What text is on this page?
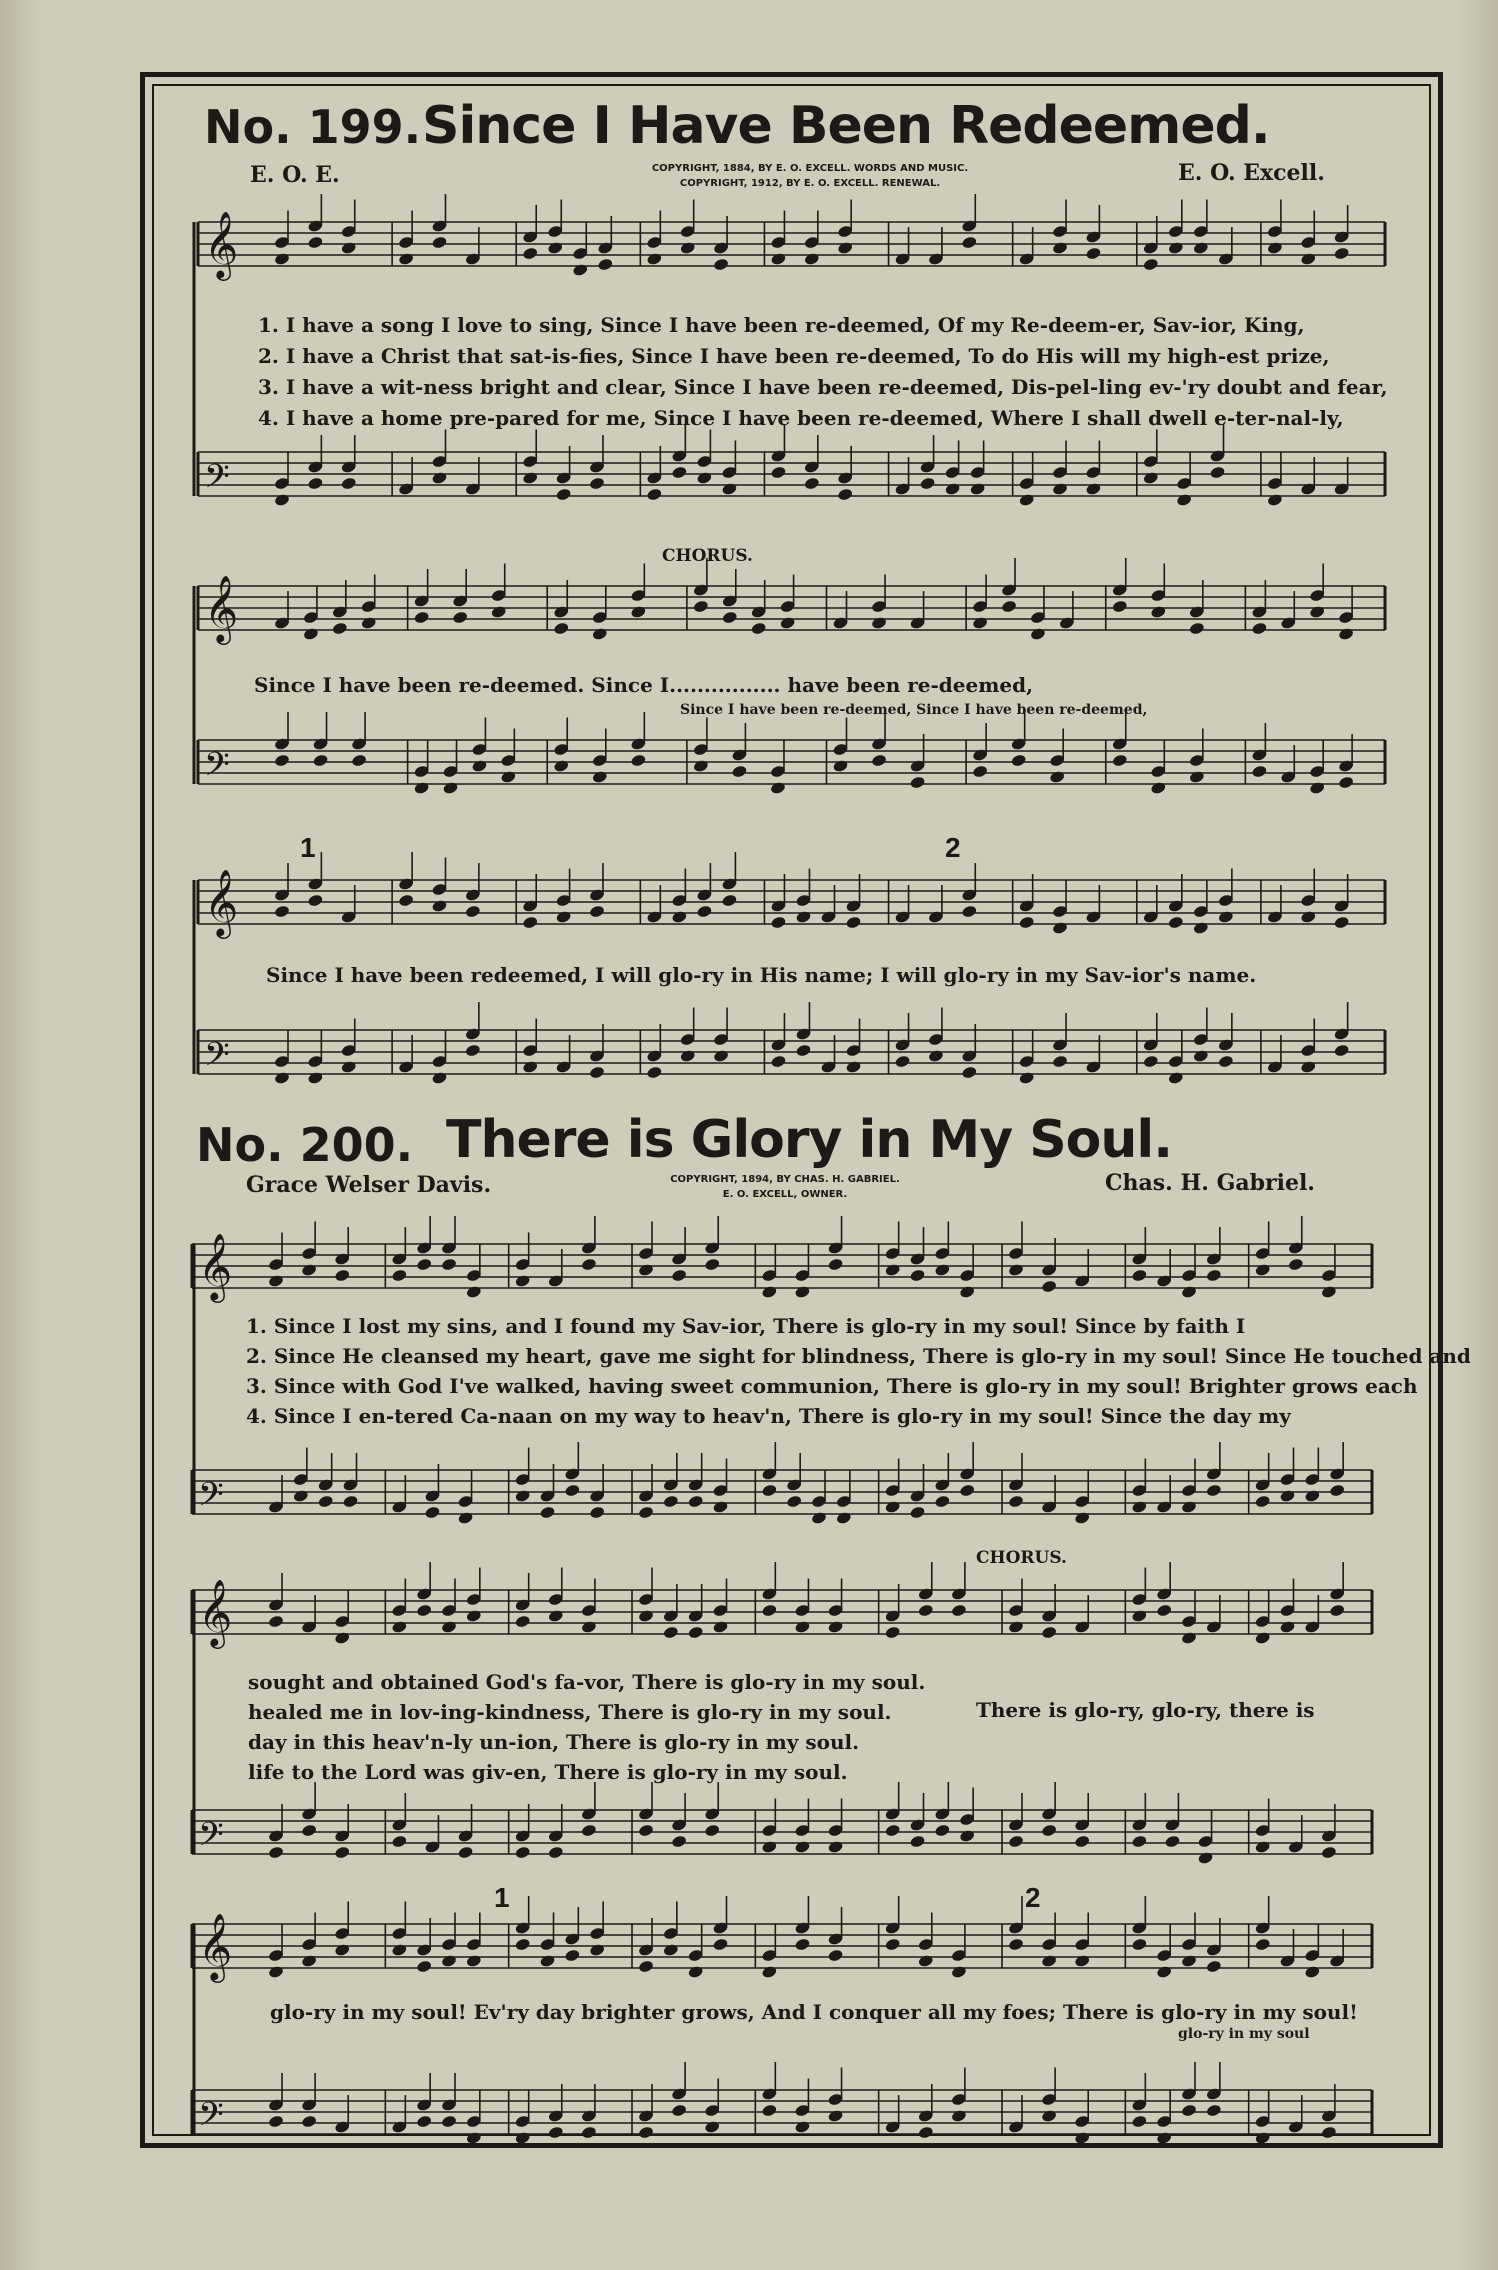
𝄞
𝄢
𝄞
𝄢
𝄞
𝄢
𝄞
𝄢
𝄞
𝄢
𝄞
𝄢
No. 199. Since I Have Been Redeemed.
E. O. E.	COPYRIGHT, 1884, BY E. O. EXCELL. WORDS AND MUSIC.
COPYRIGHT, 1912, BY E. O. EXCELL. RENEWAL.	E. O. Excell.
1. I have a song I love to sing, Since I have been re-deemed, Of my Re-deem-er, Sav-ior, King,
2. I have a Christ that sat-is-fies, Since I have been re-deemed, To do His will my high-est prize,
3. I have a wit-ness bright and clear, Since I have been re-deemed, Dis-pel-ling ev-'ry doubt and fear,
4. I have a home pre-pared for me, Since I have been re-deemed, Where I shall dwell e-ter-nal-ly,
CHORUS.
Since I have been re-deemed. Since I................ have been re-deemed,
Since I have been re-deemed, Since I have been re-deemed,
1	2
Since I have been redeemed, I will glo-ry in His name; I will glo-ry in my Sav-ior's name.
No. 200. There is Glory in My Soul.
Grace Welser Davis.	COPYRIGHT, 1894, BY CHAS. H. GABRIEL.
E. O. EXCELL, OWNER.	Chas. H. Gabriel.
1. Since I lost my sins, and I found my Sav-ior, There is glo-ry in my soul! Since by faith I
2. Since He cleansed my heart, gave me sight for blindness, There is glo-ry in my soul! Since He touched and
3. Since with God I've walked, having sweet communion, There is glo-ry in my soul! Brighter grows each
4. Since I en-tered Ca-naan on my way to heav'n, There is glo-ry in my soul! Since the day my
CHORUS.
sought and obtained God's fa-vor, There is glo-ry in my soul.
healed me in lov-ing-kindness, There is glo-ry in my soul.
day in this heav'n-ly un-ion, There is glo-ry in my soul.
life to the Lord was giv-en, There is glo-ry in my soul.
There is glo-ry, glo-ry, there is
1	2
glo-ry in my soul! Ev'ry day brighter grows, And I conquer all my foes; There is glo-ry in my soul!
glo-ry in my soul
